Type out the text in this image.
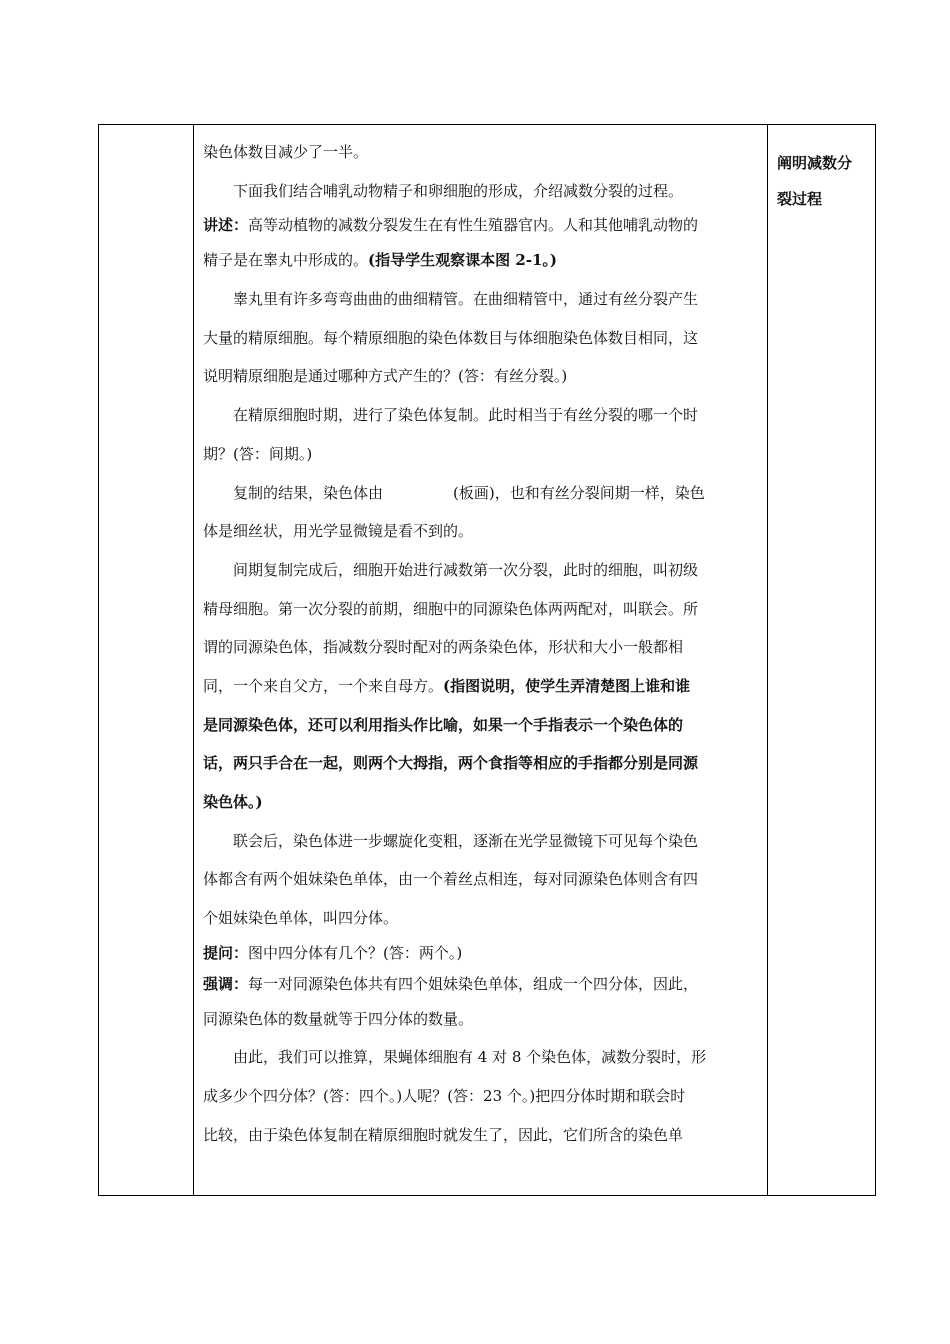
染色体数目减少了一半。
下面我们结合哺乳动物精子和卵细胞的形成，介绍减数分裂的过程。
讲述：高等动植物的减数分裂发生在有性生殖器官内。人和其他哺乳动物的
精子是在睾丸中形成的。(指导学生观察课本图 2-1。)
睾丸里有许多弯弯曲曲的曲细精管。在曲细精管中，通过有丝分裂产生
大量的精原细胞。每个精原细胞的染色体数目与体细胞染色体数目相同，这
说明精原细胞是通过哪种方式产生的？(答：有丝分裂。)
在精原细胞时期，进行了染色体复制。此时相当于有丝分裂的哪一个时
期？(答：间期。)
复制的结果，染色体由	(板画)，也和有丝分裂间期一样，染色
体是细丝状，用光学显微镜是看不到的。
间期复制完成后，细胞开始进行减数第一次分裂，此时的细胞，叫初级
精母细胞。第一次分裂的前期，细胞中的同源染色体两两配对，叫联会。所
谓的同源染色体，指减数分裂时配对的两条染色体，形状和大小一般都相
同，一个来自父方，一个来自母方。(指图说明，使学生弄清楚图上谁和谁
是同源染色体，还可以利用指头作比喻，如果一个手指表示一个染色体的
话，两只手合在一起，则两个大拇指，两个食指等相应的手指都分别是同源
染色体。)
联会后，染色体进一步螺旋化变粗，逐渐在光学显微镜下可见每个染色
体都含有两个姐妹染色单体，由一个着丝点相连，每对同源染色体则含有四
个姐妹染色单体，叫四分体。
提问：图中四分体有几个？(答：两个。)
强调：每一对同源染色体共有四个姐妹染色单体，组成一个四分体，因此，
同源染色体的数量就等于四分体的数量。
由此，我们可以推算，果蝇体细胞有 4 对 8 个染色体，减数分裂时，形
成多少个四分体？(答：四个。)人呢？(答：23 个。)把四分体时期和联会时
比较，由于染色体复制在精原细胞时就发生了，因此，它们所含的染色单
阐明减数分
裂过程
